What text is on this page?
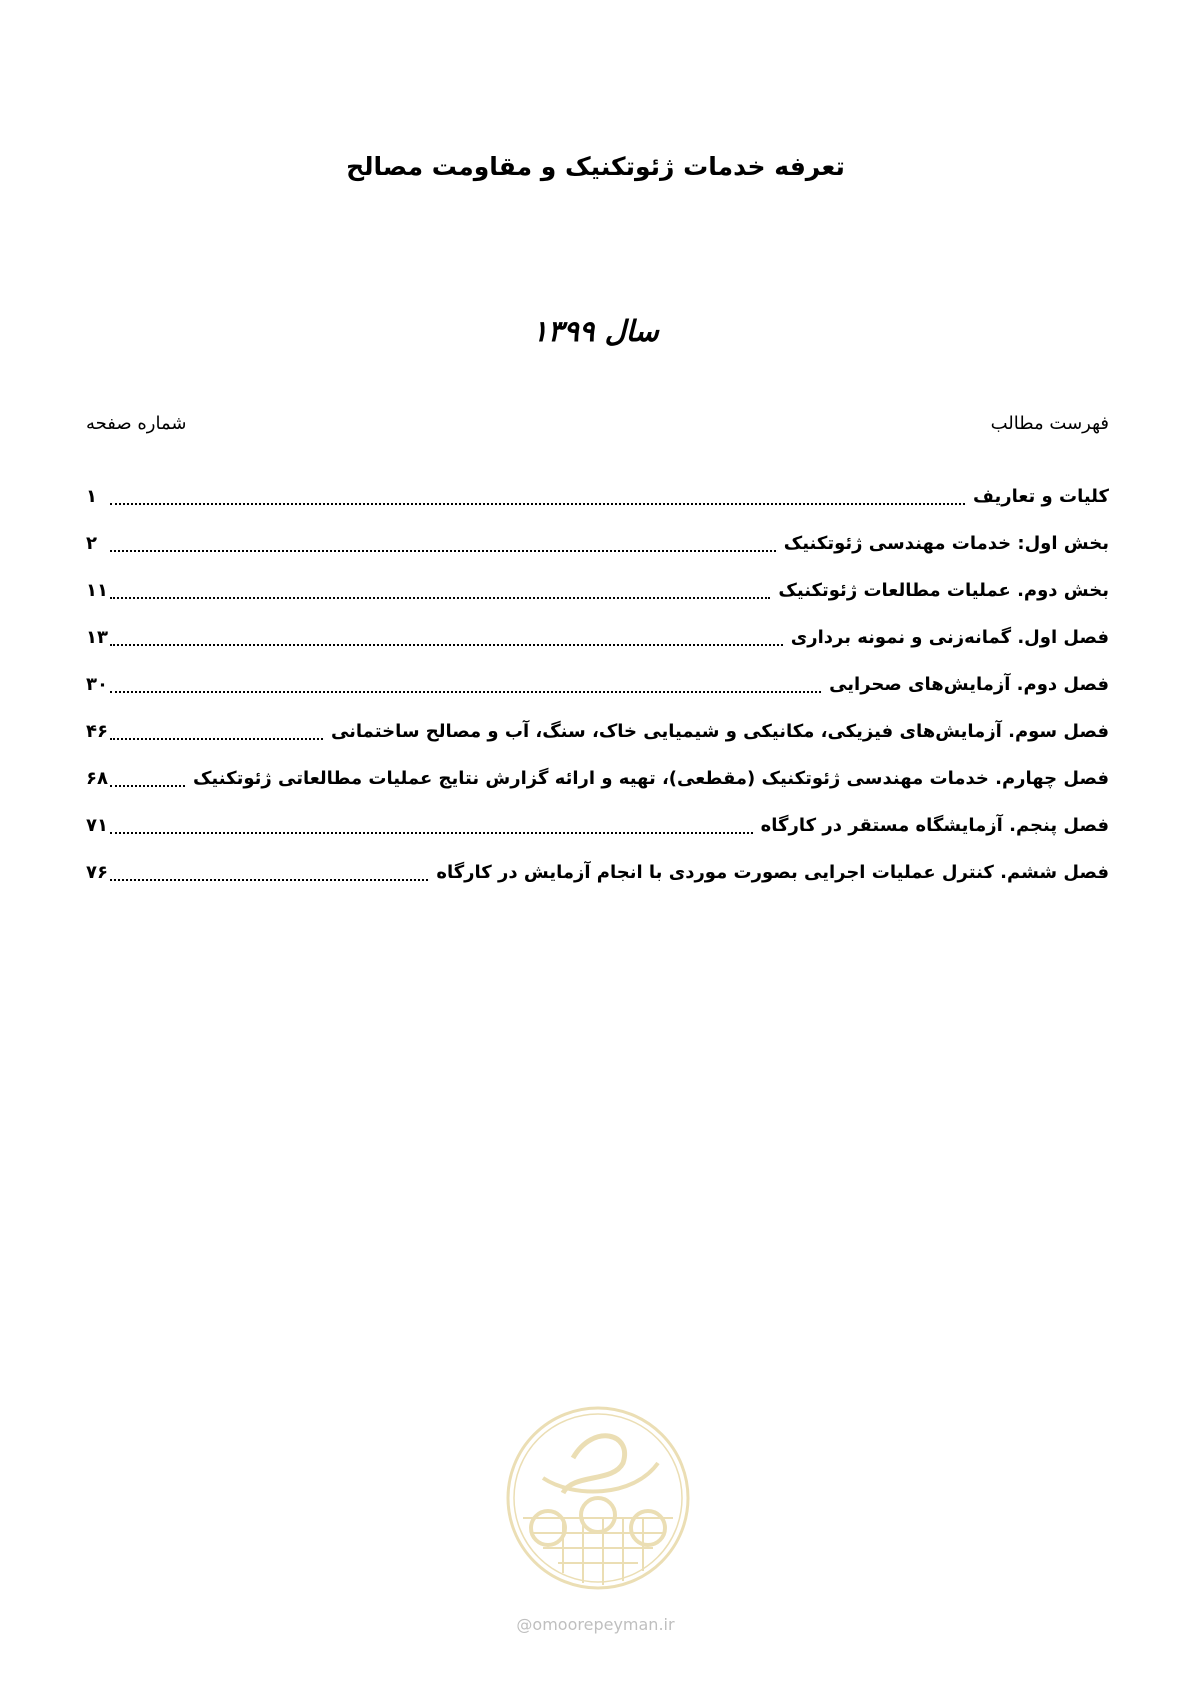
تعرفه خدمات ژئوتکنیک و مقاومت مصالح
سال ۱۳۹۹
فهرست مطالب
شماره صفحه
کلیات و تعاریف
۱
بخش اول: خدمات مهندسی ژئوتکنیک
۲
بخش دوم. عملیات مطالعات ژئوتکنیک
۱۱
فصل اول. گمانه‌زنی و نمونه برداری
۱۳
فصل دوم. آزمایش‌های صحرایی
۳۰
فصل سوم. آزمایش‌های فیزیکی، مکانیکی و شیمیایی خاک، سنگ، آب و مصالح ساختمانی
۴۶
فصل چهارم. خدمات مهندسی ژئوتکنیک (مقطعی)، تهیه و ارائه گزارش نتایج عملیات مطالعاتی ژئوتکنیک
۶۸
فصل پنجم. آزمایشگاه مستقر در کارگاه
۷۱
فصل ششم. کنترل عملیات اجرایی بصورت موردی با انجام آزمایش در کارگاه
۷۶
@omoorepeyman.ir
